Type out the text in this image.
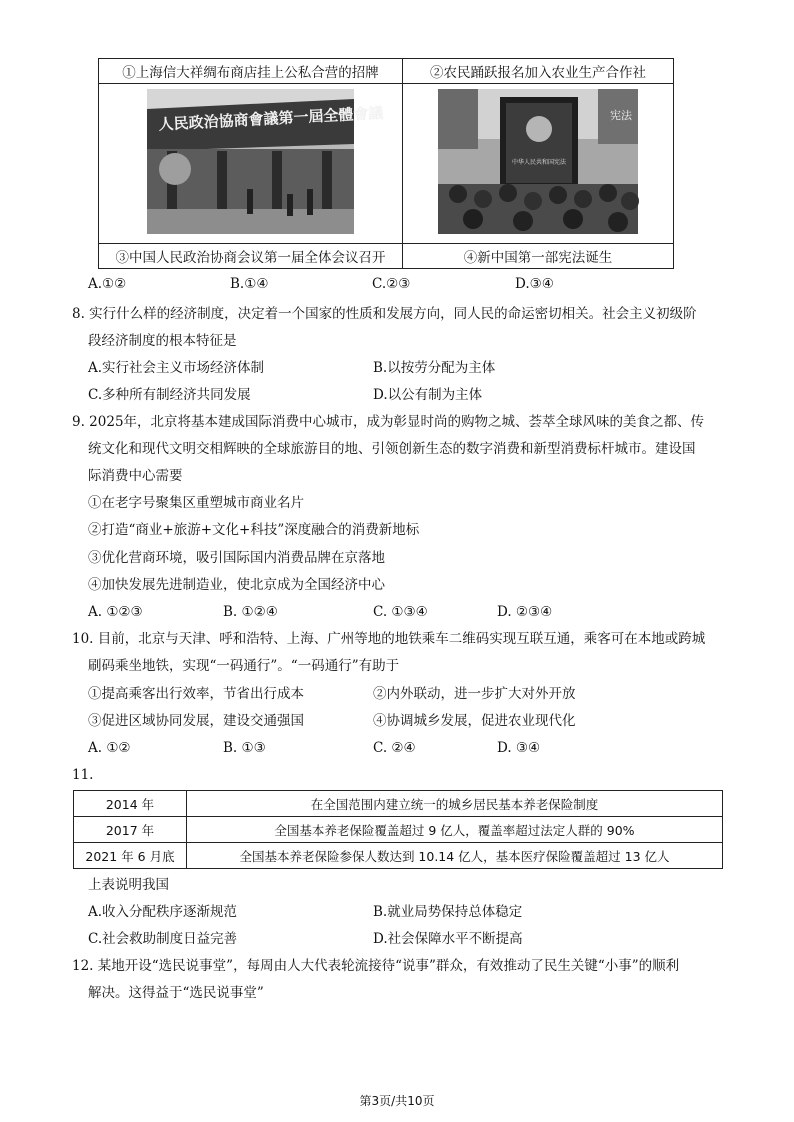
①上海信大祥绸布商店挂上公私合营的招牌	②农民踊跃报名加入农业生产合作社

人民政治協商會議第一屆全體會議	中华人民共和国宪法
宪法

③中国人民政治协商会议第一届全体会议召开	④新中国第一部宪法诞生
A.①②	B.①④	C.②③	D.③④
8. 实行什么样的经济制度，决定着一个国家的性质和发展方向，同人民的命运密切相关。社会主义初级阶
段经济制度的根本特征是
A.实行社会主义市场经济体制	B.以按劳分配为主体
C.多种所有制经济共同发展	D.以公有制为主体
9. 2025年，北京将基本建成国际消费中心城市，成为彰显时尚的购物之城、荟萃全球风味的美食之都、传
统文化和现代文明交相辉映的全球旅游目的地、引领创新生态的数字消费和新型消费标杆城市。建设国
际消费中心需要
①在老字号聚集区重塑城市商业名片
②打造“商业+旅游+文化+科技”深度融合的消费新地标
③优化营商环境，吸引国际国内消费品牌在京落地
④加快发展先进制造业，使北京成为全国经济中心
A. ①②③	B. ①②④	C. ①③④	D. ②③④
10. 目前，北京与天津、呼和浩特、上海、广州等地的地铁乘车二维码实现互联互通，乘客可在本地或跨城
刷码乘坐地铁，实现“一码通行”。“一码通行”有助于
①提高乘客出行效率，节省出行成本	②内外联动，进一步扩大对外开放
③促进区域协同发展，建设交通强国	④协调城乡发展，促进农业现代化
A. ①②	B. ①③	C. ②④	D. ③④
11.
2014 年	在全国范围内建立统一的城乡居民基本养老保险制度
2017 年	全国基本养老保险覆盖超过 9 亿人，覆盖率超过法定人群的 90%
2021 年 6 月底	全国基本养老保险参保人数达到 10.14 亿人，基本医疗保险覆盖超过 13 亿人
上表说明我国
A.收入分配秩序逐渐规范	B.就业局势保持总体稳定
C.社会救助制度日益完善	D.社会保障水平不断提高
12. 某地开设“选民说事堂”，每周由人大代表轮流接待“说事”群众，有效推动了民生关键“小事”的顺利
解决。这得益于“选民说事堂”
第3页/共10页
